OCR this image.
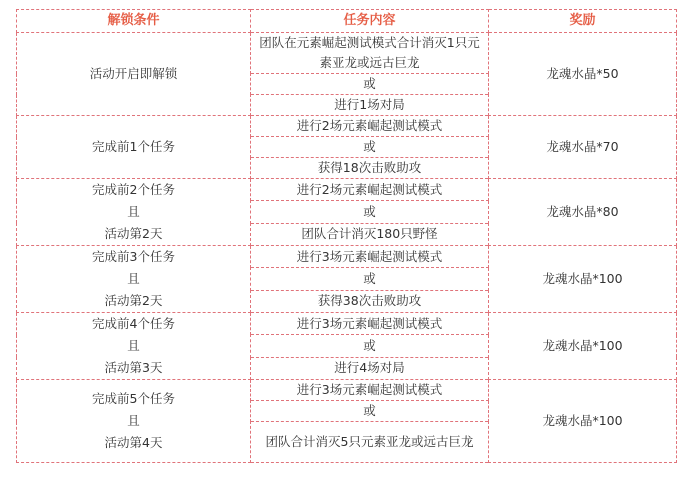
解锁条件	任务内容	奖励

活动开启即解锁	团队在元素崛起测试模式合计消灭1只元素亚龙或远古巨龙	龙魂水晶*50
	或	
	进行1场对局	

完成前1个任务	进行2场元素崛起测试模式	龙魂水晶*70
	或	
	获得18次击败助攻	

完成前2个任务
且
活动第2天	进行2场元素崛起测试模式	龙魂水晶*80
	或	
	团队合计消灭180只野怪	

完成前3个任务
且
活动第2天	进行3场元素崛起测试模式	龙魂水晶*100
	或	
	获得38次击败助攻	

完成前4个任务
且
活动第3天	进行3场元素崛起测试模式	龙魂水晶*100
	或	
	进行4场对局	

完成前5个任务
且
活动第4天	进行3场元素崛起测试模式	龙魂水晶*100
	或	
	团队合计消灭5只元素亚龙或远古巨龙	
